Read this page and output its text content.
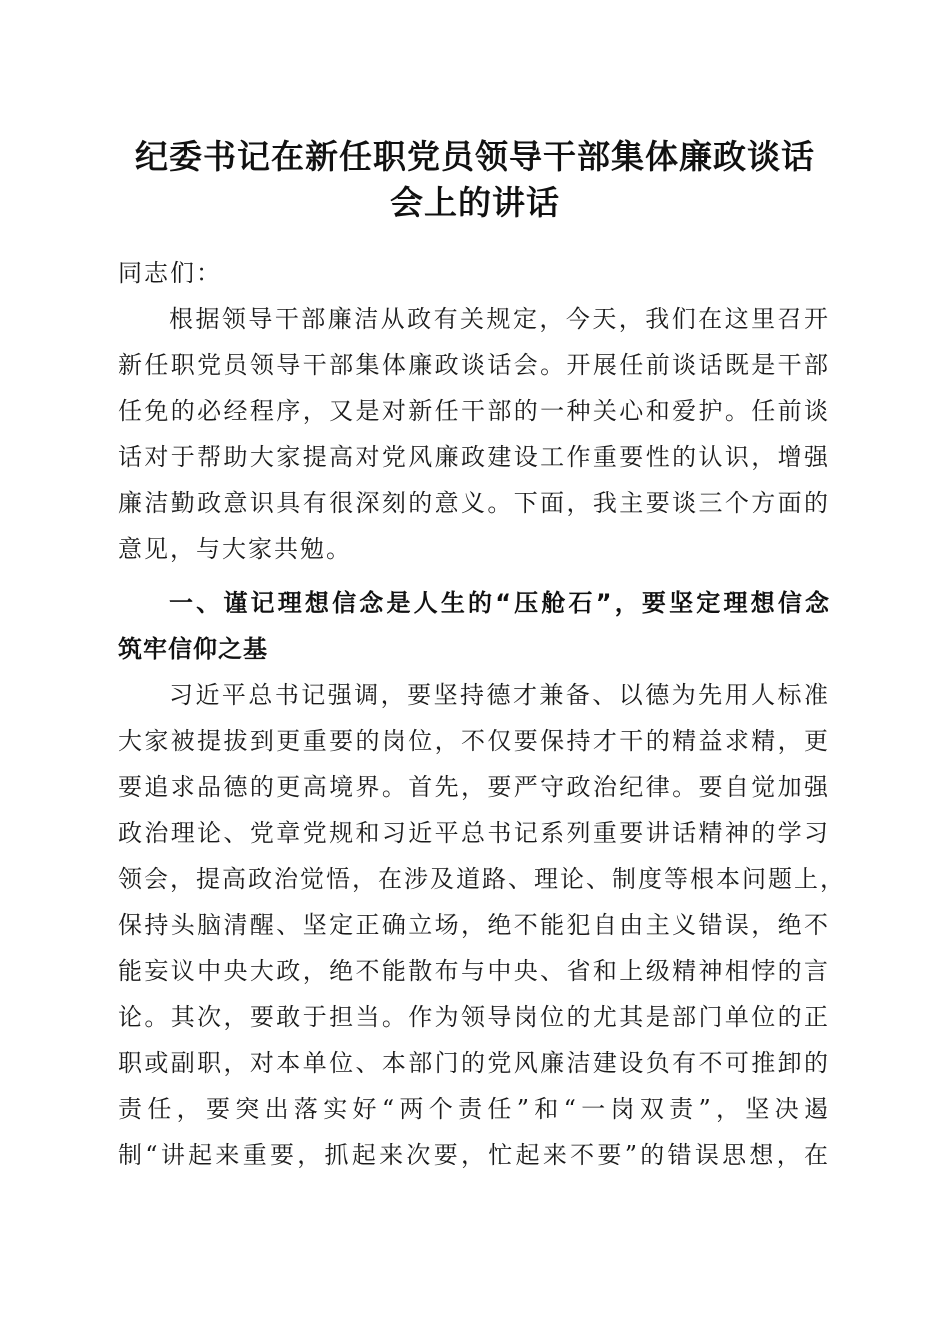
纪委书记在新任职党员领导干部集体廉政谈话
会上的讲话
同志们：
根据领导干部廉洁从政有关规定，今天，我们在这里召开
新任职党员领导干部集体廉政谈话会。开展任前谈话既是干部
任免的必经程序，又是对新任干部的一种关心和爱护。任前谈
话对于帮助大家提高对党风廉政建设工作重要性的认识，增强
廉洁勤政意识具有很深刻的意义。下面，我主要谈三个方面的
意见，与大家共勉。
一、谨记理想信念是人生的“压舱石”，要坚定理想信念
筑牢信仰之基
习近平总书记强调，要坚持德才兼备、以德为先用人标准
大家被提拔到更重要的岗位，不仅要保持才干的精益求精，更
要追求品德的更高境界。首先，要严守政治纪律。要自觉加强
政治理论、党章党规和习近平总书记系列重要讲话精神的学习
领会，提高政治觉悟，在涉及道路、理论、制度等根本问题上，
保持头脑清醒、坚定正确立场，绝不能犯自由主义错误，绝不
能妄议中央大政，绝不能散布与中央、省和上级精神相悖的言
论。其次，要敢于担当。作为领导岗位的尤其是部门单位的正
职或副职，对本单位、本部门的党风廉洁建设负有不可推卸的
责任，要突出落实好“两个责任”和“一岗双责”，坚决遏
制“讲起来重要，抓起来次要，忙起来不要”的错误思想，在
